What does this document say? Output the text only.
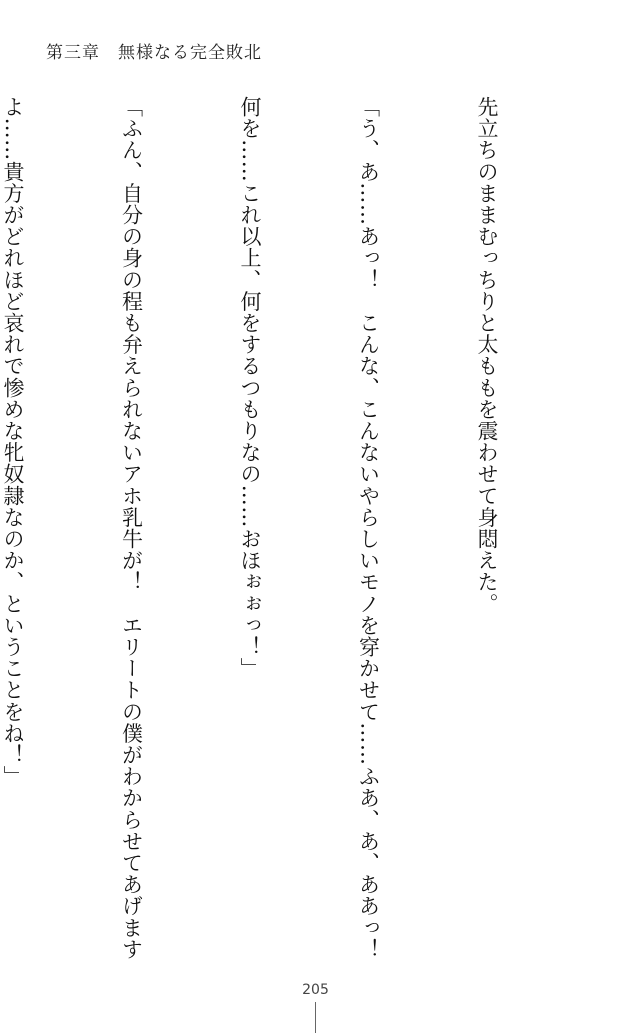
第三章　無様なる完全敗北

先立ちのままむっちりと太ももを震わせて身悶えた。

「う、あ……あっ！　こんな、こんないやらしいモノを穿かせて……ふあ、あ、ああっ！

何を……これ以上、何をするつもりなの……おほぉぉっ！」

「ふん、自分の身の程も弁えられないアホ乳牛が！　エリートの僕がわからせてあげます

よ……貴方がどれほど哀れで惨めな牝奴隷なのか、ということをね！」

205
